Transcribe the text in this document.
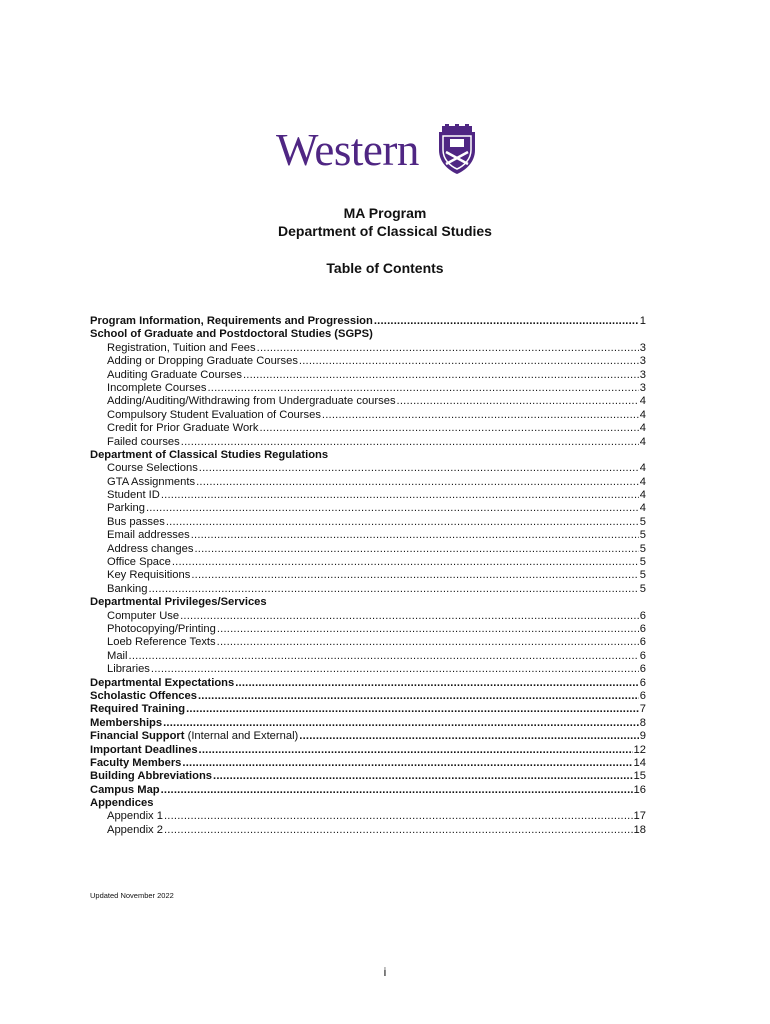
Western
MA Program
Department of Classical Studies
Table of Contents
Program Information, Requirements and Progression .....	1
School of Graduate and Postdoctoral Studies (SGPS)
Registration, Tuition and Fees .....	3
Adding or Dropping Graduate Courses .....	3
Auditing Graduate Courses .....	3
Incomplete Courses .....	3
Adding/Auditing/Withdrawing from Undergraduate courses .....	4
Compulsory Student Evaluation of Courses .....	4
Credit for Prior Graduate Work .....	4
Failed courses .....	4
Department of Classical Studies Regulations
Course Selections .....	4
GTA Assignments .....	4
Student ID .....	4
Parking .....	4
Bus passes .....	5
Email addresses .....	5
Address changes .....	5
Office Space .....	5
Key Requisitions .....	5
Banking .....	5
Departmental Privileges/Services
Computer Use .....	6
Photocopying/Printing .....	6
Loeb Reference Texts .....	6
Mail .....	6
Libraries .....	6
Departmental Expectations .....	6
Scholastic Offences .....	6
Required Training .....	7
Memberships .....	8
Financial Support (Internal and External) .....	9
Important Deadlines .....	12
Faculty Members .....	14
Building Abbreviations .....	15
Campus Map .....	16
Appendices
Appendix 1 .....	17
Appendix 2 .....	18
Updated November 2022
i
